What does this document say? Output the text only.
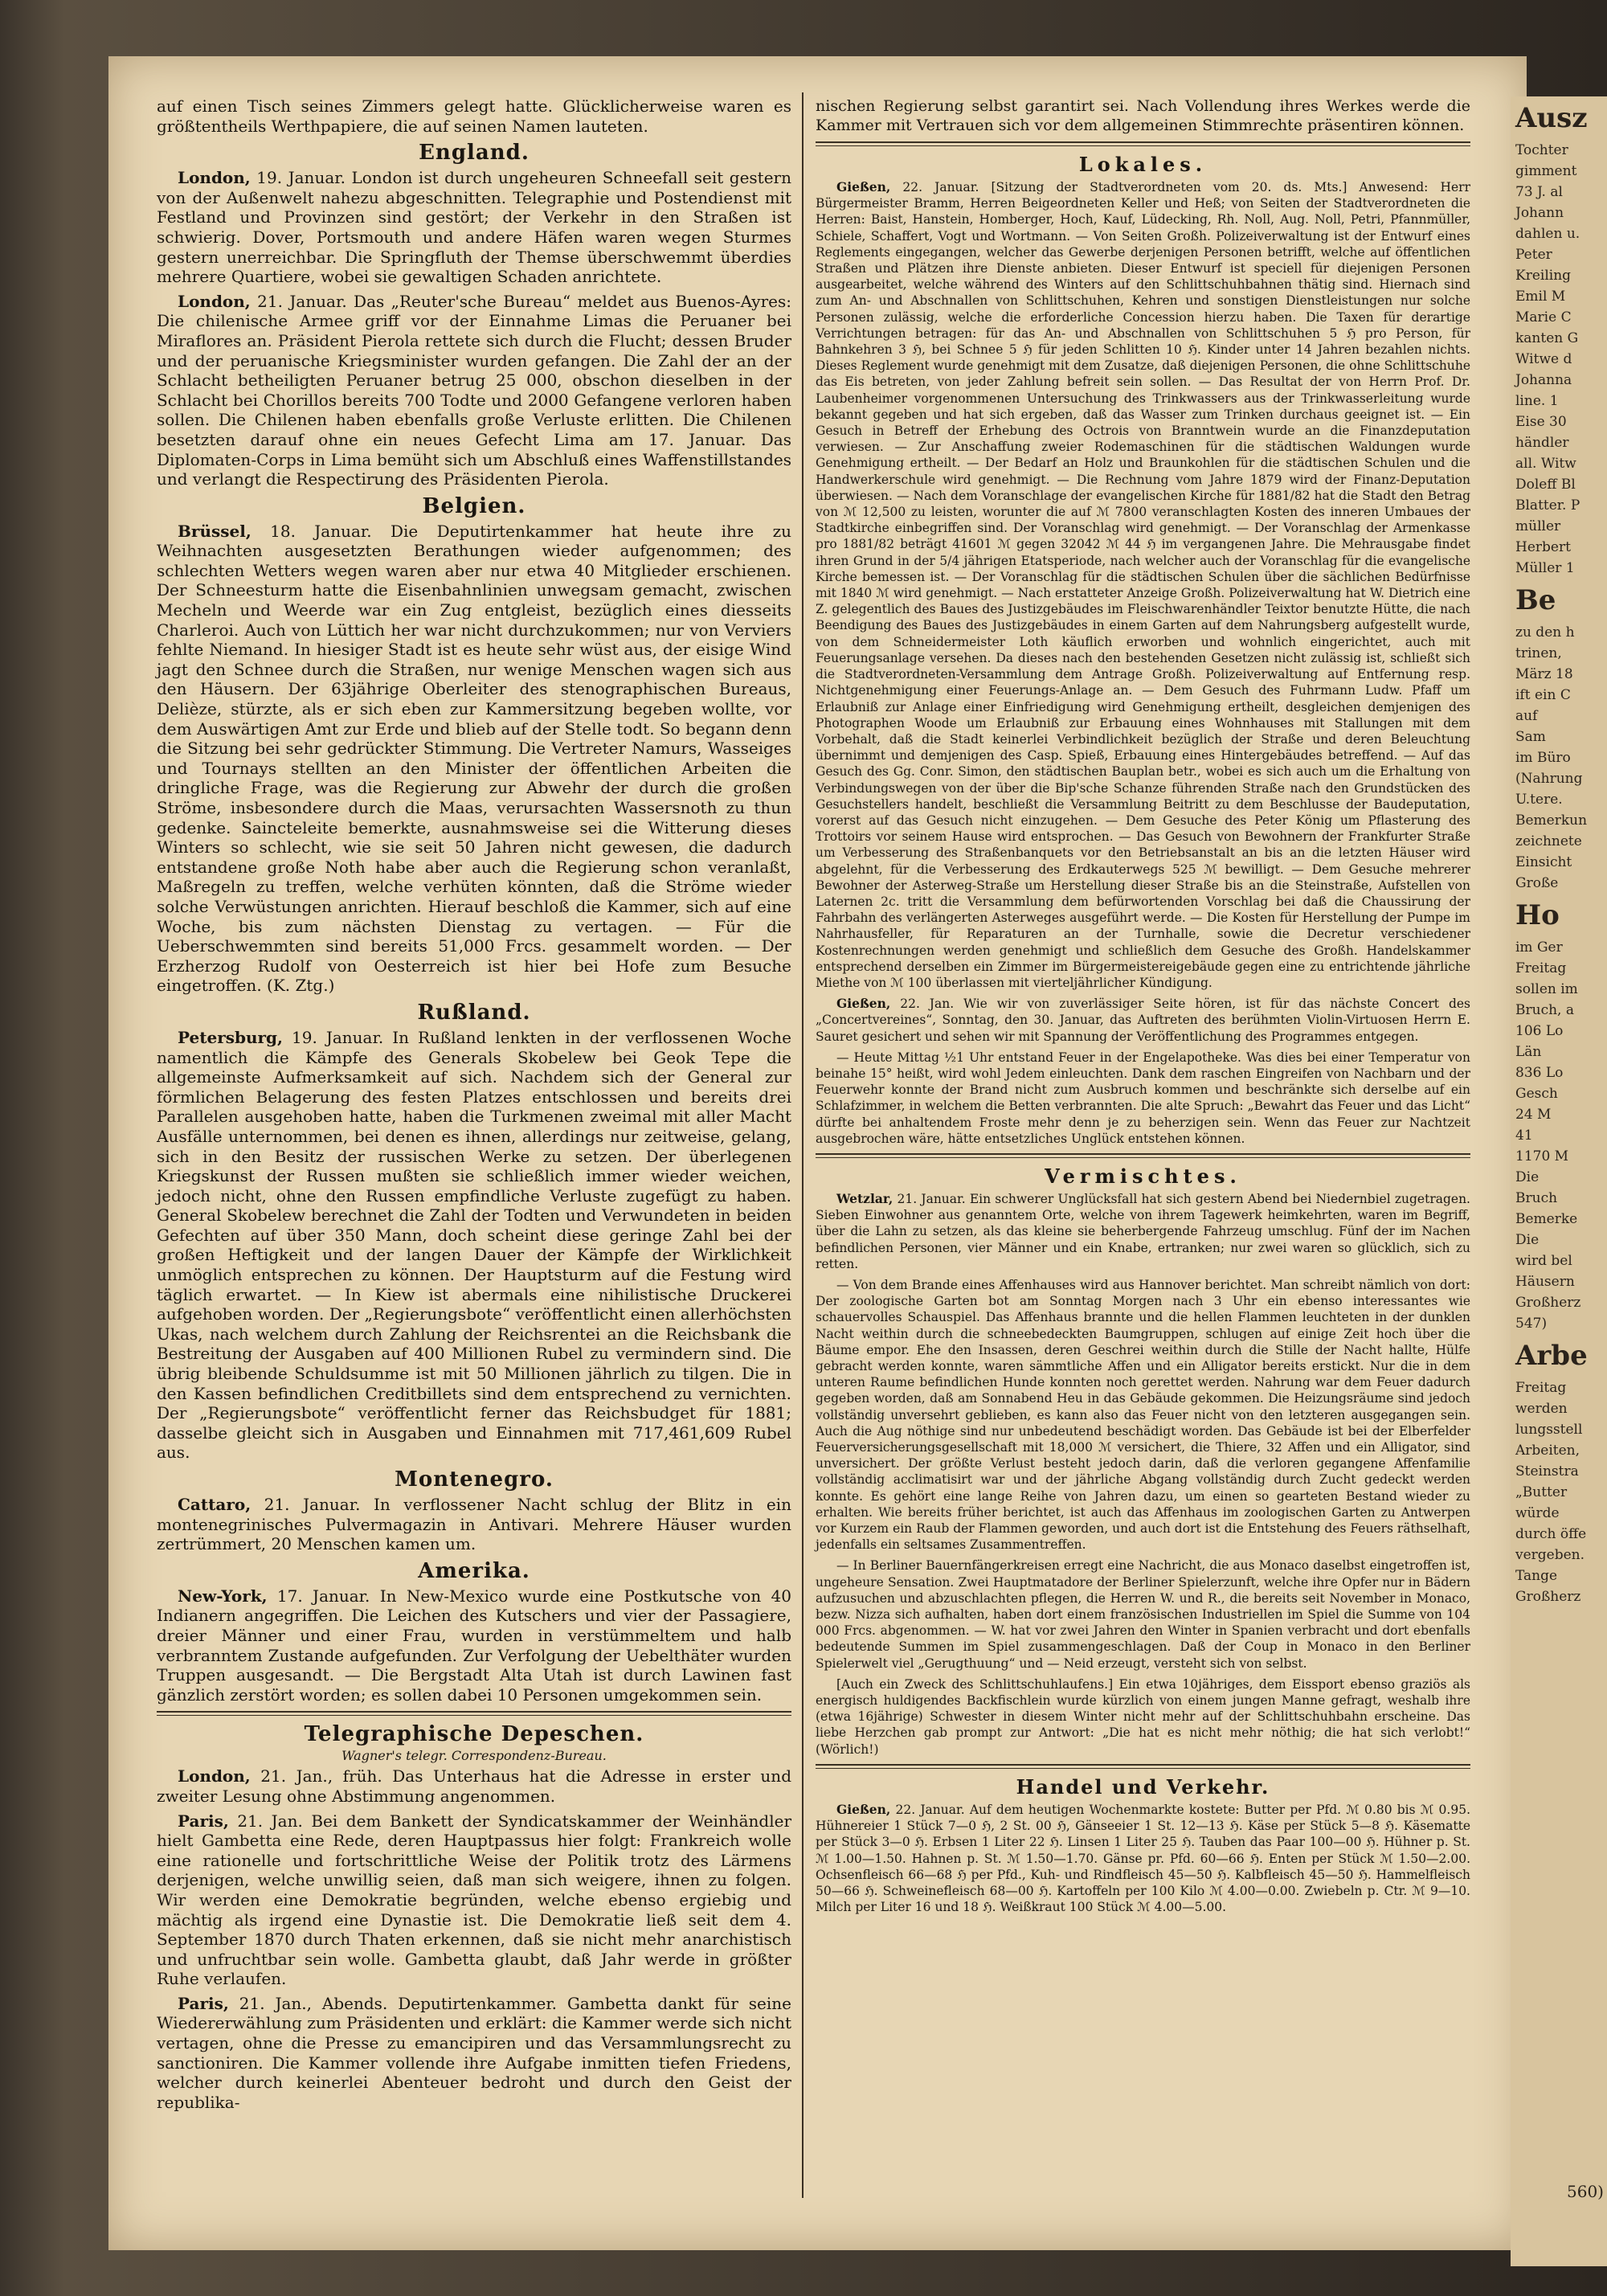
Ausz
Tochter
gimment
73 J. al
Johann
dahlen u.
Peter
Kreiling
Emil M
Marie C
kanten G
Witwe d
Johanna
line. 1
Eise 30
händler
all. Witw
Doleff Bl
Blatter. P
müller
Herbert
Müller 1
Be
zu den h
trinen,
März 18
ift ein C
auf
Sam
im Büro
(Nahrung
U.tere.
Bemerkun
zeichnete
Einsicht
Große
Ho
im Ger
Freitag
sollen im
Bruch, a
106 Lo
Län
836 Lo
Gesch
24 M
41
1170 M
Die
Bruch
Bemerke
Die
wird bel
Häusern
Großherz
547)
Arbe
Freitag
werden
lungsstell
Arbeiten,
Steinstra
„Butter
würde
durch öffe
vergeben.
Tange
Großherz

auf einen Tisch seines Zimmers gelegt hatte. Glücklicherweise waren es größtentheils Werthpapiere, die auf seinen Namen lauteten.

England.

London, 19. Januar. London ist durch ungeheuren Schneefall seit gestern von der Außenwelt nahezu abgeschnitten. Telegraphie und Postendienst mit Festland und Provinzen sind gestört; der Verkehr in den Straßen ist schwierig. Dover, Portsmouth und andere Häfen waren wegen Sturmes gestern unerreichbar. Die Springfluth der Themse überschwemmt überdies mehrere Quartiere, wobei sie gewaltigen Schaden anrichtete.

London, 21. Januar. Das „Reuter'sche Bureau“ meldet aus Buenos-Ayres: Die chilenische Armee griff vor der Einnahme Limas die Peruaner bei Miraflores an. Präsident Pierola rettete sich durch die Flucht; dessen Bruder und der peruanische Kriegsminister wurden gefangen. Die Zahl der an der Schlacht betheiligten Peruaner betrug 25 000, obschon dieselben in der Schlacht bei Chorillos bereits 700 Todte und 2000 Gefangene verloren haben sollen. Die Chilenen haben ebenfalls große Verluste erlitten. Die Chilenen besetzten darauf ohne ein neues Gefecht Lima am 17. Januar. Das Diplomaten-Corps in Lima bemüht sich um Abschluß eines Waffenstillstandes und verlangt die Respectirung des Präsidenten Pierola.

Belgien.

Brüssel, 18. Januar. Die Deputirtenkammer hat heute ihre zu Weihnachten ausgesetzten Berathungen wieder aufgenommen; des schlechten Wetters wegen waren aber nur etwa 40 Mitglieder erschienen. Der Schneesturm hatte die Eisenbahnlinien unwegsam gemacht, zwischen Mecheln und Weerde war ein Zug entgleist, bezüglich eines diesseits Charleroi. Auch von Lüttich her war nicht durchzukommen; nur von Verviers fehlte Niemand. In hiesiger Stadt ist es heute sehr wüst aus, der eisige Wind jagt den Schnee durch die Straßen, nur wenige Menschen wagen sich aus den Häusern. Der 63jährige Oberleiter des stenographischen Bureaus, Delièze, stürzte, als er sich eben zur Kammersitzung begeben wollte, vor dem Auswärtigen Amt zur Erde und blieb auf der Stelle todt. So begann denn die Sitzung bei sehr gedrückter Stimmung. Die Vertreter Namurs, Wasseiges und Tournays stellten an den Minister der öffentlichen Arbeiten die dringliche Frage, was die Regierung zur Abwehr der durch die großen Ströme, insbesondere durch die Maas, verursachten Wassersnoth zu thun gedenke. Saincteleite bemerkte, ausnahmsweise sei die Witterung dieses Winters so schlecht, wie sie seit 50 Jahren nicht gewesen, die dadurch entstandene große Noth habe aber auch die Regierung schon veranlaßt, Maßregeln zu treffen, welche verhüten könnten, daß die Ströme wieder solche Verwüstungen anrichten. Hierauf beschloß die Kammer, sich auf eine Woche, bis zum nächsten Dienstag zu vertagen. — Für die Ueberschwemmten sind bereits 51,000 Frcs. gesammelt worden. — Der Erzherzog Rudolf von Oesterreich ist hier bei Hofe zum Besuche eingetroffen. (K. Ztg.)

Rußland.

Petersburg, 19. Januar. In Rußland lenkten in der verflossenen Woche namentlich die Kämpfe des Generals Skobelew bei Geok Tepe die allgemeinste Aufmerksamkeit auf sich. Nachdem sich der General zur förmlichen Belagerung des festen Platzes entschlossen und bereits drei Parallelen ausgehoben hatte, haben die Turkmenen zweimal mit aller Macht Ausfälle unternommen, bei denen es ihnen, allerdings nur zeitweise, gelang, sich in den Besitz der russischen Werke zu setzen. Der überlegenen Kriegskunst der Russen mußten sie schließlich immer wieder weichen, jedoch nicht, ohne den Russen empfindliche Verluste zugefügt zu haben. General Skobelew berechnet die Zahl der Todten und Verwundeten in beiden Gefechten auf über 350 Mann, doch scheint diese geringe Zahl bei der großen Heftigkeit und der langen Dauer der Kämpfe der Wirklichkeit unmöglich entsprechen zu können. Der Hauptsturm auf die Festung wird täglich erwartet. — In Kiew ist abermals eine nihilistische Druckerei aufgehoben worden. Der „Regierungsbote“ veröffentlicht einen allerhöchsten Ukas, nach welchem durch Zahlung der Reichsrentei an die Reichsbank die Bestreitung der Ausgaben auf 400 Millionen Rubel zu vermindern sind. Die übrig bleibende Schuldsumme ist mit 50 Millionen jährlich zu tilgen. Die in den Kassen befindlichen Creditbillets sind dem entsprechend zu vernichten. Der „Regierungsbote“ veröffentlicht ferner das Reichsbudget für 1881; dasselbe gleicht sich in Ausgaben und Einnahmen mit 717,461,609 Rubel aus.

Montenegro.

Cattaro, 21. Januar. In verflossener Nacht schlug der Blitz in ein montenegrinisches Pulvermagazin in Antivari. Mehrere Häuser wurden zertrümmert, 20 Menschen kamen um.

Amerika.

New-York, 17. Januar. In New-Mexico wurde eine Postkutsche von 40 Indianern angegriffen. Die Leichen des Kutschers und vier der Passagiere, dreier Männer und einer Frau, wurden in verstümmeltem und halb verbranntem Zustande aufgefunden. Zur Verfolgung der Uebelthäter wurden Truppen ausgesandt. — Die Bergstadt Alta Utah ist durch Lawinen fast gänzlich zerstört worden; es sollen dabei 10 Personen umgekommen sein.

Telegraphische Depeschen.
Wagner's telegr. Correspondenz-Bureau.

London, 21. Jan., früh. Das Unterhaus hat die Adresse in erster und zweiter Lesung ohne Abstimmung angenommen.

Paris, 21. Jan. Bei dem Bankett der Syndicatskammer der Weinhändler hielt Gambetta eine Rede, deren Hauptpassus hier folgt: Frankreich wolle eine rationelle und fortschrittliche Weise der Politik trotz des Lärmens derjenigen, welche unwillig seien, daß man sich weigere, ihnen zu folgen. Wir werden eine Demokratie begründen, welche ebenso ergiebig und mächtig als irgend eine Dynastie ist. Die Demokratie ließ seit dem 4. September 1870 durch Thaten erkennen, daß sie nicht mehr anarchistisch und unfruchtbar sein wolle. Gambetta glaubt, daß Jahr werde in größter Ruhe verlaufen.

Paris, 21. Jan., Abends. Deputirtenkammer. Gambetta dankt für seine Wiedererwählung zum Präsidenten und erklärt: die Kammer werde sich nicht vertagen, ohne die Presse zu emancipiren und das Versammlungsrecht zu sanctioniren. Die Kammer vollende ihre Aufgabe inmitten tiefen Friedens, welcher durch keinerlei Abenteuer bedroht und durch den Geist der republika-

nischen Regierung selbst garantirt sei. Nach Vollendung ihres Werkes werde die Kammer mit Vertrauen sich vor dem allgemeinen Stimmrechte präsentiren können.

Lokales.

Gießen, 22. Januar. [Sitzung der Stadtverordneten vom 20. ds. Mts.] Anwesend: Herr Bürgermeister Bramm, Herren Beigeordneten Keller und Heß; von Seiten der Stadtverordneten die Herren: Baist, Hanstein, Homberger, Hoch, Kauf, Lüdecking, Rh. Noll, Aug. Noll, Petri, Pfannmüller, Schiele, Schaffert, Vogt und Wortmann. — Von Seiten Großh. Polizeiverwaltung ist der Entwurf eines Reglements eingegangen, welcher das Gewerbe derjenigen Personen betrifft, welche auf öffentlichen Straßen und Plätzen ihre Dienste anbieten. Dieser Entwurf ist speciell für diejenigen Personen ausgearbeitet, welche während des Winters auf den Schlittschuhbahnen thätig sind. Hiernach sind zum An- und Abschnallen von Schlittschuhen, Kehren und sonstigen Dienstleistungen nur solche Personen zulässig, welche die erforderliche Concession hierzu haben. Die Taxen für derartige Verrichtungen betragen: für das An- und Abschnallen von Schlittschuhen 5 ℌ pro Person, für Bahnkehren 3 ℌ, bei Schnee 5 ℌ für jeden Schlitten 10 ℌ. Kinder unter 14 Jahren bezahlen nichts. Dieses Reglement wurde genehmigt mit dem Zusatze, daß diejenigen Personen, die ohne Schlittschuhe das Eis betreten, von jeder Zahlung befreit sein sollen. — Das Resultat der von Herrn Prof. Dr. Laubenheimer vorgenommenen Untersuchung des Trinkwassers aus der Trinkwasserleitung wurde bekannt gegeben und hat sich ergeben, daß das Wasser zum Trinken durchaus geeignet ist. — Ein Gesuch in Betreff der Erhebung des Octrois von Branntwein wurde an die Finanzdeputation verwiesen. — Zur Anschaffung zweier Rodemaschinen für die städtischen Waldungen wurde Genehmigung ertheilt. — Der Bedarf an Holz und Braunkohlen für die städtischen Schulen und die Handwerkerschule wird genehmigt. — Die Rechnung vom Jahre 1879 wird der Finanz-Deputation überwiesen. — Nach dem Voranschlage der evangelischen Kirche für 1881/82 hat die Stadt den Betrag von ℳ 12,500 zu leisten, worunter die auf ℳ 7800 veranschlagten Kosten des inneren Umbaues der Stadtkirche einbegriffen sind. Der Voranschlag wird genehmigt. — Der Voranschlag der Armenkasse pro 1881/82 beträgt 41601 ℳ gegen 32042 ℳ 44 ℌ im vergangenen Jahre. Die Mehrausgabe findet ihren Grund in der 5/4 jährigen Etatsperiode, nach welcher auch der Voranschlag für die evangelische Kirche bemessen ist. — Der Voranschlag für die städtischen Schulen über die sächlichen Bedürfnisse mit 1840 ℳ wird genehmigt. — Nach erstatteter Anzeige Großh. Polizeiverwaltung hat W. Dietrich eine Z. gelegentlich des Baues des Justizgebäudes im Fleischwarenhändler Teixtor benutzte Hütte, die nach Beendigung des Baues des Justizgebäudes in einem Garten auf dem Nahrungsberg aufgestellt wurde, von dem Schneidermeister Loth käuflich erworben und wohnlich eingerichtet, auch mit Feuerungsanlage versehen. Da dieses nach den bestehenden Gesetzen nicht zulässig ist, schließt sich die Stadtverordneten-Versammlung dem Antrage Großh. Polizeiverwaltung auf Entfernung resp. Nichtgenehmigung einer Feuerungs-Anlage an. — Dem Gesuch des Fuhrmann Ludw. Pfaff um Erlaubniß zur Anlage einer Einfriedigung wird Genehmigung ertheilt, desgleichen demjenigen des Photographen Woode um Erlaubniß zur Erbauung eines Wohnhauses mit Stallungen mit dem Vorbehalt, daß die Stadt keinerlei Verbindlichkeit bezüglich der Straße und deren Beleuchtung übernimmt und demjenigen des Casp. Spieß, Erbauung eines Hintergebäudes betreffend. — Auf das Gesuch des Gg. Conr. Simon, den städtischen Bauplan betr., wobei es sich auch um die Erhaltung von Verbindungswegen von der über die Bip'sche Schanze führenden Straße nach den Grundstücken des Gesuchstellers handelt, beschließt die Versammlung Beitritt zu dem Beschlusse der Baudeputation, vorerst auf das Gesuch nicht einzugehen. — Dem Gesuche des Peter König um Pflasterung des Trottoirs vor seinem Hause wird entsprochen. — Das Gesuch von Bewohnern der Frankfurter Straße um Verbesserung des Straßenbanquets vor den Betriebsanstalt an bis an die letzten Häuser wird abgelehnt, für die Verbesserung des Erdkauterwegs 525 ℳ bewilligt. — Dem Gesuche mehrerer Bewohner der Asterweg-Straße um Herstellung dieser Straße bis an die Steinstraße, Aufstellen von Laternen 2c. tritt die Versammlung dem befürwortenden Vorschlag bei daß die Chaussirung der Fahrbahn des verlängerten Asterweges ausgeführt werde. — Die Kosten für Herstellung der Pumpe im Nahrhausfeller, für Reparaturen an der Turnhalle, sowie die Decretur verschiedener Kostenrechnungen werden genehmigt und schließlich dem Gesuche des Großh. Handelskammer entsprechend derselben ein Zimmer im Bürgermeistereigebäude gegen eine zu entrichtende jährliche Miethe von ℳ 100 überlassen mit vierteljährlicher Kündigung.

Gießen, 22. Jan. Wie wir von zuverlässiger Seite hören, ist für das nächste Concert des „Concertvereines“, Sonntag, den 30. Januar, das Auftreten des berühmten Violin-Virtuosen Herrn E. Sauret gesichert und sehen wir mit Spannung der Veröffentlichung des Programmes entgegen.

— Heute Mittag ½1 Uhr entstand Feuer in der Engelapotheke. Was dies bei einer Temperatur von beinahe 15° heißt, wird wohl Jedem einleuchten. Dank dem raschen Eingreifen von Nachbarn und der Feuerwehr konnte der Brand nicht zum Ausbruch kommen und beschränkte sich derselbe auf ein Schlafzimmer, in welchem die Betten verbrannten. Die alte Spruch: „Bewahrt das Feuer und das Licht“ dürfte bei anhaltendem Froste mehr denn je zu beherzigen sein. Wenn das Feuer zur Nachtzeit ausgebrochen wäre, hätte entsetzliches Unglück entstehen können.

Vermischtes.

Wetzlar, 21. Januar. Ein schwerer Unglücksfall hat sich gestern Abend bei Niedernbiel zugetragen. Sieben Einwohner aus genanntem Orte, welche von ihrem Tagewerk heimkehrten, waren im Begriff, über die Lahn zu setzen, als das kleine sie beherbergende Fahrzeug umschlug. Fünf der im Nachen befindlichen Personen, vier Männer und ein Knabe, ertranken; nur zwei waren so glücklich, sich zu retten.

— Von dem Brande eines Affenhauses wird aus Hannover berichtet. Man schreibt nämlich von dort: Der zoologische Garten bot am Sonntag Morgen nach 3 Uhr ein ebenso interessantes wie schauervolles Schauspiel. Das Affenhaus brannte und die hellen Flammen leuchteten in der dunklen Nacht weithin durch die schneebedeckten Baumgruppen, schlugen auf einige Zeit hoch über die Bäume empor. Ehe den Insassen, deren Geschrei weithin durch die Stille der Nacht hallte, Hülfe gebracht werden konnte, waren sämmtliche Affen und ein Alligator bereits erstickt. Nur die in dem unteren Raume befindlichen Hunde konnten noch gerettet werden. Nahrung war dem Feuer dadurch gegeben worden, daß am Sonnabend Heu in das Gebäude gekommen. Die Heizungsräume sind jedoch vollständig unversehrt geblieben, es kann also das Feuer nicht von den letzteren ausgegangen sein. Auch die Aug nöthige sind nur unbedeutend beschädigt worden. Das Gebäude ist bei der Elberfelder Feuerversicherungsgesellschaft mit 18,000 ℳ versichert, die Thiere, 32 Affen und ein Alligator, sind unversichert. Der größte Verlust besteht jedoch darin, daß die verloren gegangene Affenfamilie vollständig acclimatisirt war und der jährliche Abgang vollständig durch Zucht gedeckt werden konnte. Es gehört eine lange Reihe von Jahren dazu, um einen so gearteten Bestand wieder zu erhalten. Wie bereits früher berichtet, ist auch das Affenhaus im zoologischen Garten zu Antwerpen vor Kurzem ein Raub der Flammen geworden, und auch dort ist die Entstehung des Feuers räthselhaft, jedenfalls ein seltsames Zusammentreffen.

— In Berliner Bauernfängerkreisen erregt eine Nachricht, die aus Monaco daselbst eingetroffen ist, ungeheure Sensation. Zwei Hauptmatadore der Berliner Spielerzunft, welche ihre Opfer nur in Bädern aufzusuchen und abzuschlachten pflegen, die Herren W. und R., die bereits seit November in Monaco, bezw. Nizza sich aufhalten, haben dort einem französischen Industriellen im Spiel die Summe von 104 000 Frcs. abgenommen. — W. hat vor zwei Jahren den Winter in Spanien verbracht und dort ebenfalls bedeutende Summen im Spiel zusammengeschlagen. Daß der Coup in Monaco in den Berliner Spielerwelt viel „Gerugthuung“ und — Neid erzeugt, versteht sich von selbst.

[Auch ein Zweck des Schlittschuhlaufens.] Ein etwa 10jähriges, dem Eissport ebenso graziös als energisch huldigendes Backfischlein wurde kürzlich von einem jungen Manne gefragt, weshalb ihre (etwa 16jährige) Schwester in diesem Winter nicht mehr auf der Schlittschuhbahn erscheine. Das liebe Herzchen gab prompt zur Antwort: „Die hat es nicht mehr nöthig; die hat sich verlobt!“ (Wörlich!)

Handel und Verkehr.

Gießen, 22. Januar. Auf dem heutigen Wochenmarkte kostete: Butter per Pfd. ℳ 0.80 bis ℳ 0.95. Hühnereier 1 Stück 7—0 ℌ, 2 St. 00 ℌ, Gänseeier 1 St. 12—13 ℌ. Käse per Stück 5—8 ℌ. Käsematte per Stück 3—0 ℌ. Erbsen 1 Liter 22 ℌ. Linsen 1 Liter 25 ℌ. Tauben das Paar 100—00 ℌ. Hühner p. St. ℳ 1.00—1.50. Hahnen p. St. ℳ 1.50—1.70. Gänse pr. Pfd. 60—66 ℌ. Enten per Stück ℳ 1.50—2.00. Ochsenfleisch 66—68 ℌ per Pfd., Kuh- und Rindfleisch 45—50 ℌ. Kalbfleisch 45—50 ℌ. Hammelfleisch 50—66 ℌ. Schweinefleisch 68—00 ℌ. Kartoffeln per 100 Kilo ℳ 4.00—0.00. Zwiebeln p. Ctr. ℳ 9—10. Milch per Liter 16 und 18 ℌ. Weißkraut 100 Stück ℳ 4.00—5.00.

560)
